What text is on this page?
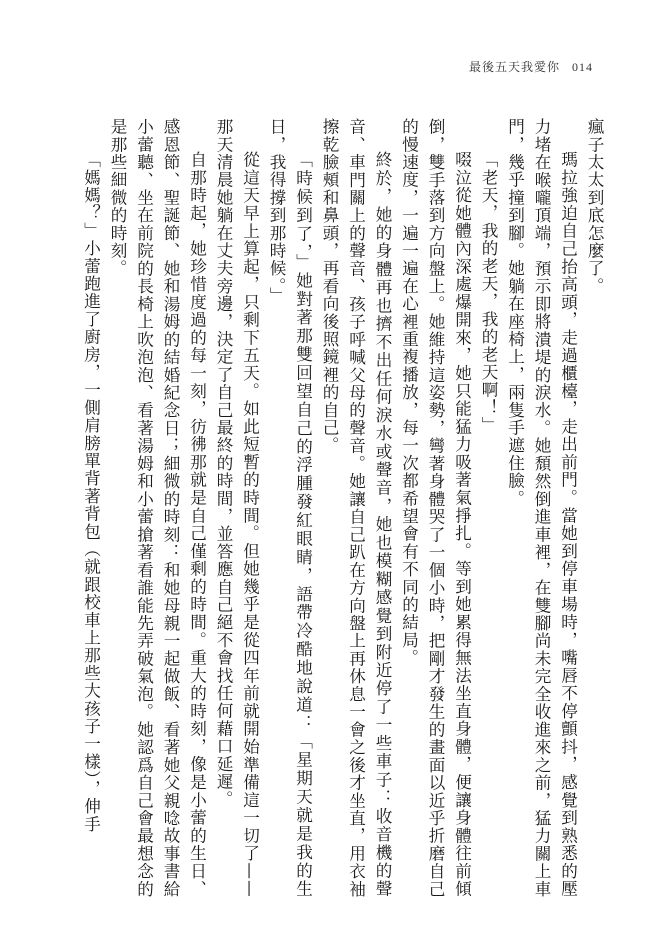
最後五天我愛你 014

瘋子太太到底怎麼了。

瑪拉強迫自己抬高頭，走過櫃檯，走出前門。當她到停車場時，嘴唇不停顫抖，感覺到熟悉的壓力堵在喉嚨頂端，預示即將潰堤的淚水。她頹然倒進車裡，在雙腳尚未完全收進來之前，猛力關上車門，幾乎撞到腳。她躺在座椅上，兩隻手遮住臉。

「老天，我的老天，我的老天啊！」

啜泣從她體內深處爆開來，她只能猛力吸著氣掙扎。等到她累得無法坐直身體，便讓身體往前傾倒，雙手落到方向盤上。她維持這姿勢，彎著身體哭了一個小時，把剛才發生的畫面以近乎折磨自己的慢速度，一遍一遍在心裡重複播放，每一次都希望會有不同的結局。

終於，她的身體再也擠不出任何淚水或聲音，她也模糊感覺到附近停了一些車子：收音機的聲音、車門關上的聲音、孩子呼喊父母的聲音。她讓自己趴在方向盤上再休息一會之後才坐直，用衣袖擦乾臉頰和鼻頭，再看向後照鏡裡的自己。

「時候到了，」她對著那雙回望自己的浮腫發紅眼睛，語帶冷酷地說道：「星期天就是我的生日，我得撐到那時候。」

從這天早上算起，只剩下五天。如此短暫的時間。但她幾乎是從四年前就開始準備這一切了——那天清晨她躺在丈夫旁邊，決定了自己最終的時間，並答應自己絕不會找任何藉口延遲。

自那時起，她珍惜度過的每一刻，彷彿那就是自己僅剩的時間。重大的時刻，像是小蕾的生日、感恩節、聖誕節、她和湯姆的結婚紀念日；細微的時刻：和她母親一起做飯、看著她父親唸故事書給小蕾聽、坐在前院的長椅上吹泡泡、看著湯姆和小蕾搶著看誰能先弄破氣泡。她認爲自己會最想念的是那些細微的時刻。

「媽媽？」小蕾跑進了廚房，一側肩膀單背著背包（就跟校車上那些大孩子一樣），伸手
